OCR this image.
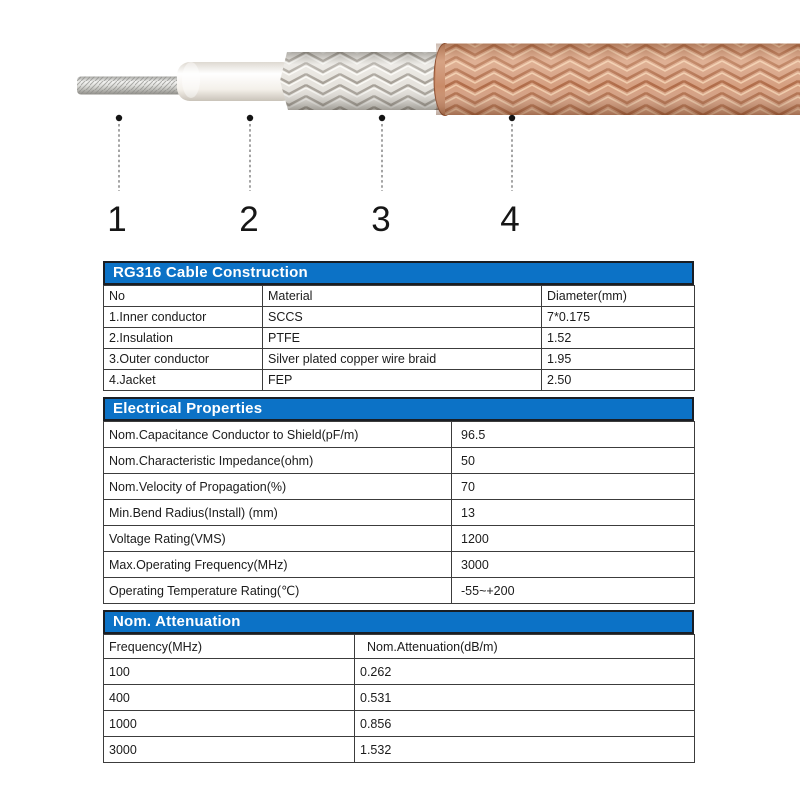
1	2	3	4
RG316 Cable Construction
No	Material	Diameter(mm)
1.Inner conductor	SCCS	7*0.175
2.Insulation	PTFE	1.52
3.Outer conductor	Silver plated copper wire braid	1.95
4.Jacket	FEP	2.50
Electrical Properties
Nom.Capacitance Conductor to Shield(pF/m)	96.5
Nom.Characteristic Impedance(ohm)	50
Nom.Velocity of Propagation(%)	70
Min.Bend Radius(Install) (mm)	13
Voltage Rating(VMS)	1200
Max.Operating Frequency(MHz)	3000
Operating Temperature Rating(℃)	-55~+200
Nom. Attenuation
Frequency(MHz)	Nom.Attenuation(dB/m)
100	0.262
400	0.531
1000	0.856
3000	1.532
